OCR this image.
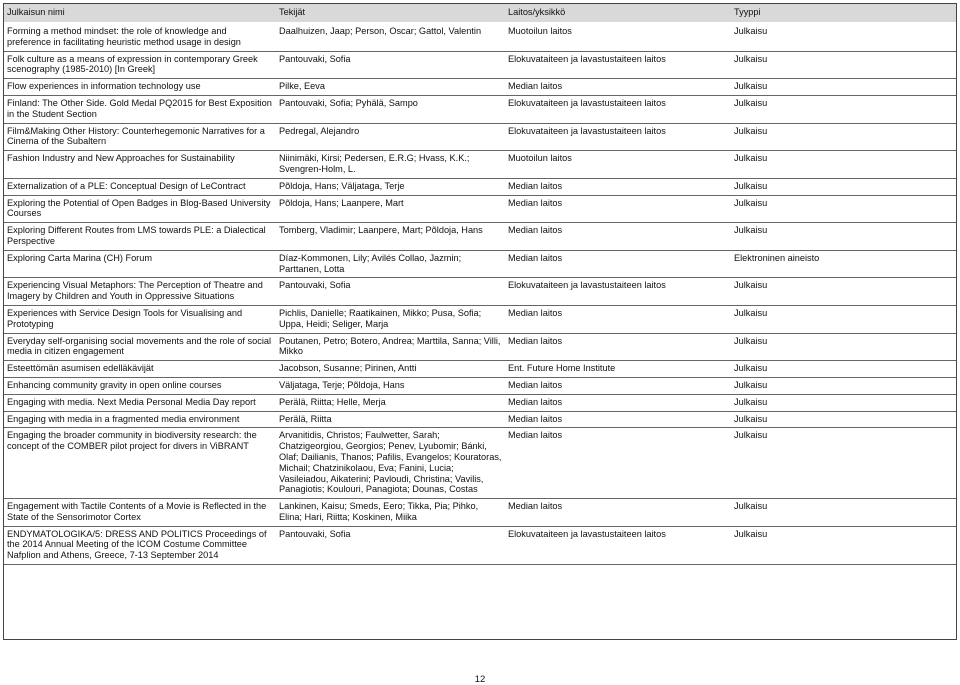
Julkaisun nimi	Tekijät	Laitos/yksikkö	Tyyppi
Forming a method mindset: the role of knowledge and preference in facilitating heuristic method usage in design	Daalhuizen, Jaap; Person, Oscar; Gattol, Valentin	Muotoilun laitos	Julkaisu
Folk culture as a means of expression in contemporary Greek scenography (1985-2010) [In Greek]	Pantouvaki, Sofia	Elokuvataiteen ja lavastustaiteen laitos	Julkaisu
Flow experiences in information technology use	Pilke, Eeva	Median laitos	Julkaisu
Finland: The Other Side. Gold Medal PQ2015 for Best Exposition in the Student Section	Pantouvaki, Sofia; Pyhälä, Sampo	Elokuvataiteen ja lavastustaiteen laitos	Julkaisu
Film&Making Other History: Counterhegemonic Narratives for a Cinema of the Subaltern	Pedregal, Alejandro	Elokuvataiteen ja lavastustaiteen laitos	Julkaisu
Fashion Industry and New Approaches for Sustainability	Niinimäki, Kirsi; Pedersen, E.R.G; Hvass, K.K.; Svengren-Holm, L.	Muotoilun laitos	Julkaisu
Externalization of a PLE: Conceptual Design of LeContract	Põldoja, Hans; Väljataga, Terje	Median laitos	Julkaisu
Exploring the Potential of Open Badges in Blog-Based University Courses	Põldoja, Hans; Laanpere, Mart	Median laitos	Julkaisu
Exploring Different Routes from LMS towards PLE: a Dialectical Perspective	Tomberg, Vladimir; Laanpere, Mart; Põldoja, Hans	Median laitos	Julkaisu
Exploring Carta Marina (CH) Forum	Díaz-Kommonen, Lily; Avilés Collao, Jazmin; Parttanen, Lotta	Median laitos	Elektroninen aineisto
Experiencing Visual Metaphors: The Perception of Theatre and Imagery by Children and Youth in Oppressive Situations	Pantouvaki, Sofia	Elokuvataiteen ja lavastustaiteen laitos	Julkaisu
Experiences with Service Design Tools for Visualising and Prototyping	Pichlis, Danielle; Raatikainen, Mikko; Pusa, Sofia; Uppa, Heidi; Seliger, Marja	Median laitos	Julkaisu
Everyday self-organising social movements and the role of social media in citizen engagement	Poutanen, Petro; Botero, Andrea; Marttila, Sanna; Villi, Mikko	Median laitos	Julkaisu
Esteettömän asumisen edelläkävijät	Jacobson, Susanne; Pirinen, Antti	Ent. Future Home Institute	Julkaisu
Enhancing community gravity in open online courses	Väljataga, Terje; Põldoja, Hans	Median laitos	Julkaisu
Engaging with media. Next Media Personal Media Day report	Perälä, Riitta; Helle, Merja	Median laitos	Julkaisu
Engaging with media in a fragmented media environment	Perälä, Riitta	Median laitos	Julkaisu
Engaging the broader community in biodiversity research: the concept of the COMBER pilot project for divers in ViBRANT	Arvanitidis, Christos; Faulwetter, Sarah; Chatzigeorgiou, Georgios; Penev, Lyubomir; Bánki, Olaf; Dailianis, Thanos; Pafilis, Evangelos; Kouratoras, Michail; Chatzinikolaou, Eva; Fanini, Lucia; Vasileiadou, Aikaterini; Pavloudi, Christina; Vavilis, Panagiotis; Koulouri, Panagiota; Dounas, Costas	Median laitos	Julkaisu
Engagement with Tactile Contents of a Movie is Reflected in the State of the Sensorimotor Cortex	Lankinen, Kaisu; Smeds, Eero; Tikka, Pia; Pihko, Elina; Hari, Riitta; Koskinen, Miika	Median laitos	Julkaisu
ENDYMATOLOGIKA/5: DRESS AND POLITICS Proceedings of the 2014 Annual Meeting of the ICOM Costume Committee Nafplion and Athens, Greece, 7-13 September 2014	Pantouvaki, Sofia	Elokuvataiteen ja lavastustaiteen laitos	Julkaisu
12
